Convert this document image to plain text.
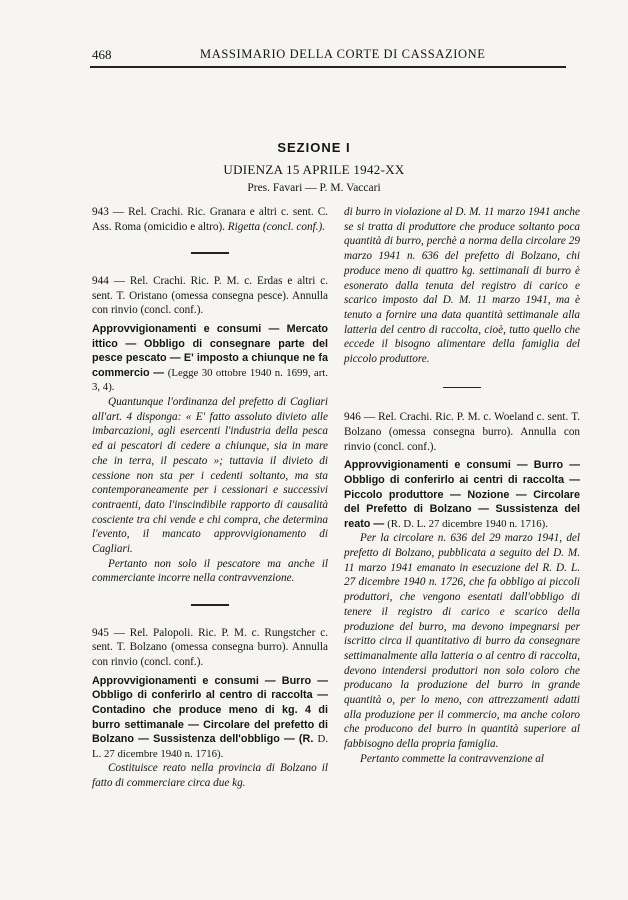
468	MASSIMARIO DELLA CORTE DI CASSAZIONE
SEZIONE I
UDIENZA 15 APRILE 1942-XX
Pres. Favari — P. M. Vaccari

943 — Rel. Crachi. Ric. Granara e altri c. sent. C. Ass. Roma (omicidio e altro). Rigetta (concl. conf.).

944 — Rel. Crachi. Ric. P. M. c. Erdas e altri c. sent. T. Oristano (omessa consegna pesce). Annulla con rinvio (concl. conf.).

Approvvigionamenti e consumi — Mercato ittico — Obbligo di consegnare parte del pesce pescato — E' imposto a chiunque ne fa commercio — (Legge 30 ottobre 1940 n. 1699, art. 3, 4).

Quantunque l'ordinanza del prefetto di Cagliari all'art. 4 disponga: « E' fatto assoluto divieto alle imbarcazioni, agli esercenti l'industria della pesca ed ai pescatori di cedere a chiunque, sia in mare che in terra, il pescato »; tuttavia il divieto di cessione non sta per i cedenti soltanto, ma sta contemporaneamente per i cessionari e successivi contraenti, dato l'inscindibile rapporto di causalità cosciente tra chi vende e chi compra, che determina l'evento, il mancato approvvigionamento di Cagliari.

Pertanto non solo il pescatore ma anche il commerciante incorre nella contravvenzione.

945 — Rel. Palopoli. Ric. P. M. c. Rungstcher c. sent. T. Bolzano (omessa consegna burro). Annulla con rinvio (concl. conf.).

Approvvigionamenti e consumi — Burro — Obbligo di conferirlo al centro di raccolta — Contadino che produce meno di kg. 4 di burro settimanale — Circolare del prefetto di Bolzano — Sussistenza dell'obbligo — (R. D. L. 27 dicembre 1940 n. 1716).

Costituisce reato nella provincia di Bolzano il fatto di commerciare circa due kg.

di burro in violazione al D. M. 11 marzo 1941 anche se si tratta di produttore che produce soltanto poca quantità di burro, perchè a norma della circolare 29 marzo 1941 n. 636 del prefetto di Bolzano, chi produce meno di quattro kg. settimanali di burro è esonerato dalla tenuta del registro di carico e scarico imposto dal D. M. 11 marzo 1941, ma è tenuto a fornire una data quantità settimanale alla latteria del centro di raccolta, cioè, tutto quello che eccede il bisogno alimentare della famiglia del piccolo produttore.

946 — Rel. Crachi. Ric. P. M. c. Woeland c. sent. T. Bolzano (omessa consegna burro). Annulla con rinvio (concl. conf.).

Approvvigionamenti e consumi — Burro — Obbligo di conferirlo ai centri di raccolta — Piccolo produttore — Nozione — Circolare del Prefetto di Bolzano — Sussistenza del reato — (R. D. L. 27 dicembre 1940 n. 1716).

Per la circolare n. 636 del 29 marzo 1941, del prefetto di Bolzano, pubblicata a seguito del D. M. 11 marzo 1941 emanato in esecuzione del R. D. L. 27 dicembre 1940 n. 1726, che fa obbligo ai piccoli produttori, che vengono esentati dall'obbligo di tenere il registro di carico e scarico della produzione del burro, ma devono impegnarsi per iscritto circa il quantitativo di burro da consegnare settimanalmente alla latteria o al centro di raccolta, devono intendersi produttori non solo coloro che producano la produzione del burro in grande quantità o, per lo meno, con attrezzamenti adatti alla produzione per il commercio, ma anche coloro che producono del burro in quantità superiore al fabbisogno della propria famiglia.

Pertanto commette la contravvenzione al
